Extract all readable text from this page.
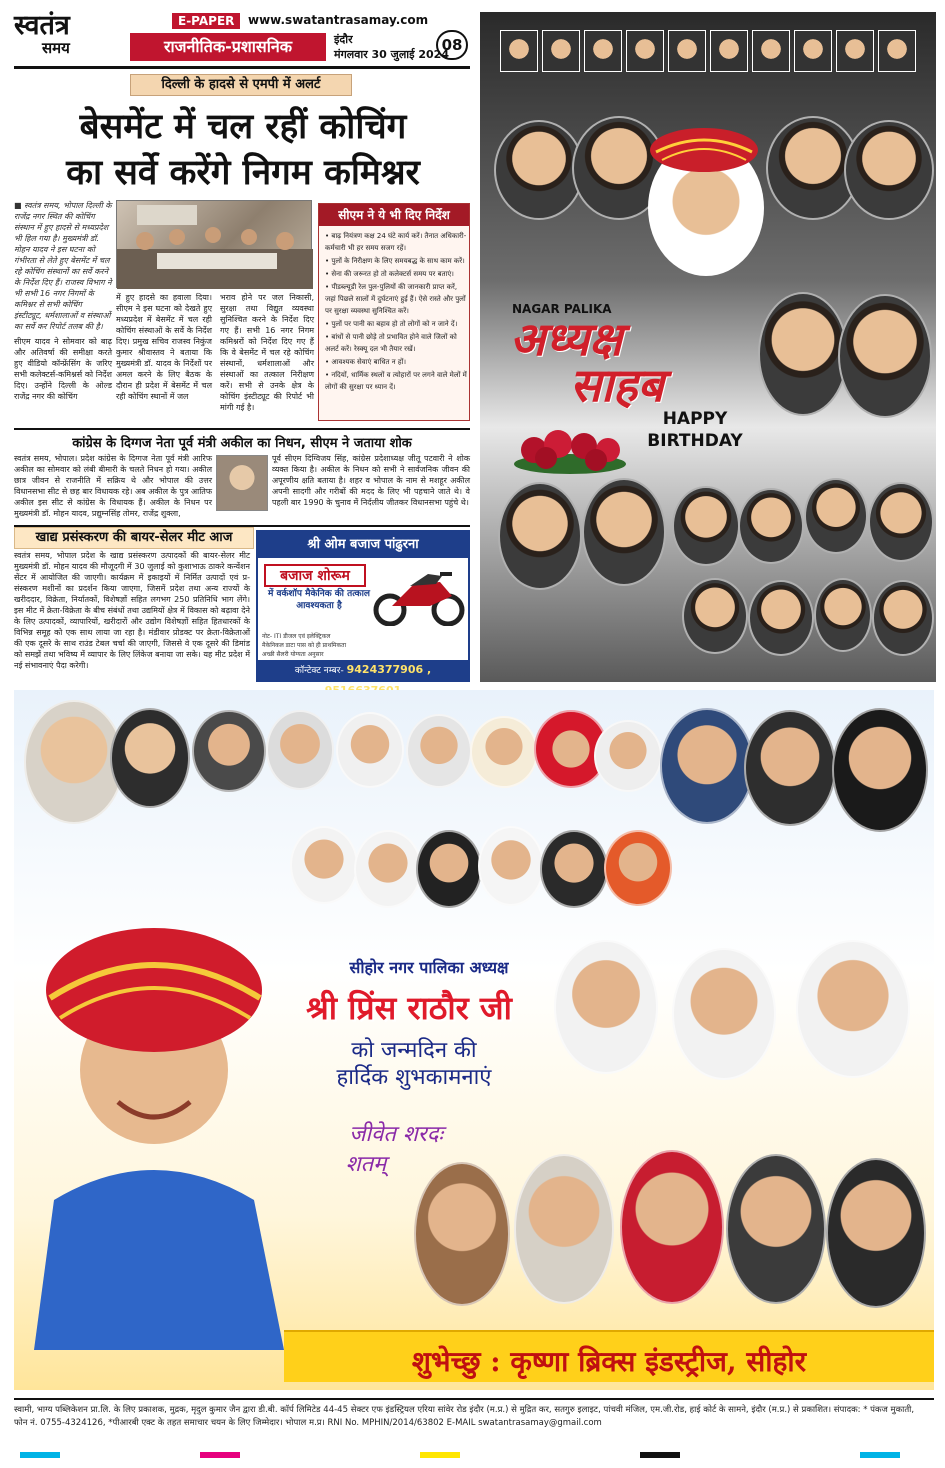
स्वतंत्र
समय
E-PAPER	www.swatantrasamay.com
राजनीतिक-प्रशासनिक	इंदौर
मंगलवार 30 जुलाई 2024
08
दिल्ली के हादसे से एमपी में अलर्ट
बेसमेंट में चल रहीं कोचिंग
का सर्वे करेंगे निगम कमिश्नर
■ स्वतंत्र समय, भोपाल दिल्ली के राजेंद्र नगर स्थित की कोचिंग संस्थान में हुए हादसे से मध्यप्रदेश भी हिल गया है। मुख्यमंत्री डॉ. मोहन यादव ने इस घटना को गंभीरता से लेते हुए बेसमेंट में चल रहे कोचिंग संस्थानों का सर्वे करने के निर्देश दिए हैं। राजस्व विभाग ने भी सभी 16 नगर निगमों के कमिश्नर से सभी कोचिंग इंस्टीट्यूट, धर्मशालाओं व संस्थाओं का सर्वे कर रिपोर्ट तलब की है।
सीएम ने ये भी दिए निर्देश
• बाढ़ नियंत्रण कक्ष 24 घंटे कार्य करें। तैनात अधिकारी-कर्मचारी भी हर समय सजग रहें।
• पुलों के निरीक्षण के लिए समयबद्ध के साथ काम करें।
• सेना की जरूरत हो तो कलेक्टर्स समय पर बताएं।
• पीडब्ल्यूडी रेल पुल-पुलियों की जानकारी प्राप्त करें, जहां पिछले सालों में दुर्घटनाएं हुई हैं। ऐसे रास्ते और पुलों पर सुरक्षा व्यवस्था सुनिश्चित करें।
• पुलों पर पानी का बहाव हो तो लोगों को न जाने दें।
• बांधों से पानी छोड़े तो प्रभावित होने वाले जिलों को अलर्ट करें। रेस्क्यू दल भी तैयार रखें।
• आवश्यक सेवाएं बाधित न हों।
• नदियों, धार्मिक स्थलों व त्योहारों पर लगने वाले मेलों में लोगों की सुरक्षा पर ध्यान दें।
सीएम यादव ने सोमवार को बाढ़ और अतिवर्षा की समीक्षा करते हुए वीडियो कॉन्फ्रेंसिंग के जरिए सभी कलेक्टर्स-कमिश्नर्स को निर्देश दिए। उन्होंने दिल्ली के ओल्ड राजेंद्र नगर की कोचिंग
में हुए हादसे का हवाला दिया। सीएम ने इस घटना को देखते हुए मध्यप्रदेश में बेसमेंट में चल रही कोचिंग संस्थाओं के सर्वे के निर्देश दिए। प्रमुख सचिव राजस्व निकुंज कुमार श्रीवास्तव ने बताया कि मुख्यमंत्री डॉ. यादव के निर्देशों पर अमल करने के लिए बैठक के दौरान ही प्रदेश में बेसमेंट में चल रही कोचिंग स्थानों में जल
भराव होने पर जल निकासी, सुरक्षा तथा विद्युत व्यवस्था सुनिश्चित करने के निर्देश दिए गए हैं। सभी 16 नगर निगम कमिश्नरों को निर्देश दिए गए हैं कि वे बेसमेंट में चल रहे कोचिंग संस्थानों, धर्मशालाओं और संस्थाओं का तत्काल निरीक्षण करें। सभी से उनके क्षेत्र के कोचिंग इंस्टीट्यूट की रिपोर्ट भी मांगी गई है।
कांग्रेस के दिग्गज नेता पूर्व मंत्री अकील का निधन, सीएम ने जताया शोक
स्वतंत्र समय, भोपाल। प्रदेश कांग्रेस के दिग्गज नेता पूर्व मंत्री आरिफ अकील का सोमवार को लंबी बीमारी के चलते निधन हो गया। अकील छात्र जीवन से राजनीति में सक्रिय थे और भोपाल की उत्तर विधानसभा सीट से छह बार विधायक रहे। अब अकील के पुत्र आतिफ अकील इस सीट से कांग्रेस के विधायक हैं। अकील के निधन पर मुख्यमंत्री डॉ. मोहन यादव, प्रद्युम्नसिंह तोमर, राजेंद्र शुक्ला,
पूर्व सीएम दिग्विजय सिंह, कांग्रेस प्रदेशाध्यक्ष जीतू पटवारी ने शोक व्यक्त किया है। अकील के निधन को सभी ने सार्वजनिक जीवन की अपूरणीय क्षति बताया है। शहर व भोपाल के नाम से मशहूर अकील अपनी सादगी और गरीबों की मदद के लिए भी पहचाने जाते थे। वे पहली बार 1990 के चुनाव में निर्दलीय जीतकर विधानसभा पहुंचे थे।
खाद्य प्रसंस्करण की बायर-सेलर मीट आज
स्वतंत्र समय, भोपाल प्रदेश के खाद्य प्रसंस्करण उत्पादकों की बायर-सेलर मीट मुख्यमंत्री डॉ. मोहन यादव की मौजूदगी में 30 जुलाई को कुशाभाऊ ठाकरे कन्वेंशन सेंटर में आयोजित की जाएगी। कार्यक्रम में इकाइयों में निर्मित उत्पादों एवं प्र-संस्करण मशीनों का प्रदर्शन किया जाएगा, जिसमें प्रदेश तथा अन्य राज्यों के खरीददार, विक्रेता, निर्यातकों, विशेषज्ञों सहित लगभग 250 प्रतिनिधि भाग लेंगे। इस मीट में क्रेता-विक्रेता के बीच संबंधों तथा उद्यमियों क्षेत्र में विकास को बढ़ावा देने के लिए उत्पादकों, व्यापारियों, खरीदारों और उद्योग विशेषज्ञों सहित हितधारकों के विभिन्न समूह को एक साथ लाया जा रहा है। मंडीवार प्रोडक्ट पर क्रेता-विक्रेताओं की एक दूसरे के साथ राउंड टेबल चर्चा की जाएगी, जिससे वे एक दूसरे की डिमांड को समझें तथा भविष्य में व्यापार के लिए लिंकेज बनाया जा सके। यह मीट प्रदेश में नई संभावनाएं पैदा करेगी।
श्री ओम बजाज पांढुरना
बजाज शोरूम
में वर्कशॉप मैकेनिक की तत्काल आवश्यकता है
नोट- ITI डीजल एवं इलेक्ट्रिकल
मैकेनिकल डाटा पास को ही प्राथमिकता
अच्छी सैलरी योग्यता अनुसार
कॉन्टेक्ट नम्बर- 9424377906 ,
NAGAR PALIKA
अध्यक्ष
साहब
HAPPY
BIRTHDAY
सीहोर नगर पालिका अध्यक्ष
श्री प्रिंस राठौर जी
को जन्मदिन की
हार्दिक शुभकामनाएं
जीवेत शरदः
शतम्
शुभेच्छु : कृष्णा ब्रिक्स इंडस्ट्रीज, सीहोर
स्वामी, भाग्य पब्लिकेशन प्रा.लि. के लिए प्रकाशक, मुद्रक, मृदुल कुमार जैन द्वारा डी.बी. कॉर्प लिमिटेड 44-45 सेक्टर एफ इंडस्ट्रियल एरिया सांवेर रोड इंदौर (म.प्र.) से मुद्रित कर, सतगुरु इलाइट, पांचवी मंजिल, एम.जी.रोड, हाई कोर्ट के सामने, इंदौर (म.प्र.) से प्रकाशित। संपादक: * पंकज मुकाती,
फोन नं. 0755-4324126, *पीआरबी एक्ट के तहत समाचार चयन के लिए जिम्मेदार। भोपाल म.प्र। RNI No. MPHIN/2014/63802 E-MAIL swatantrasamay@gmail.com
